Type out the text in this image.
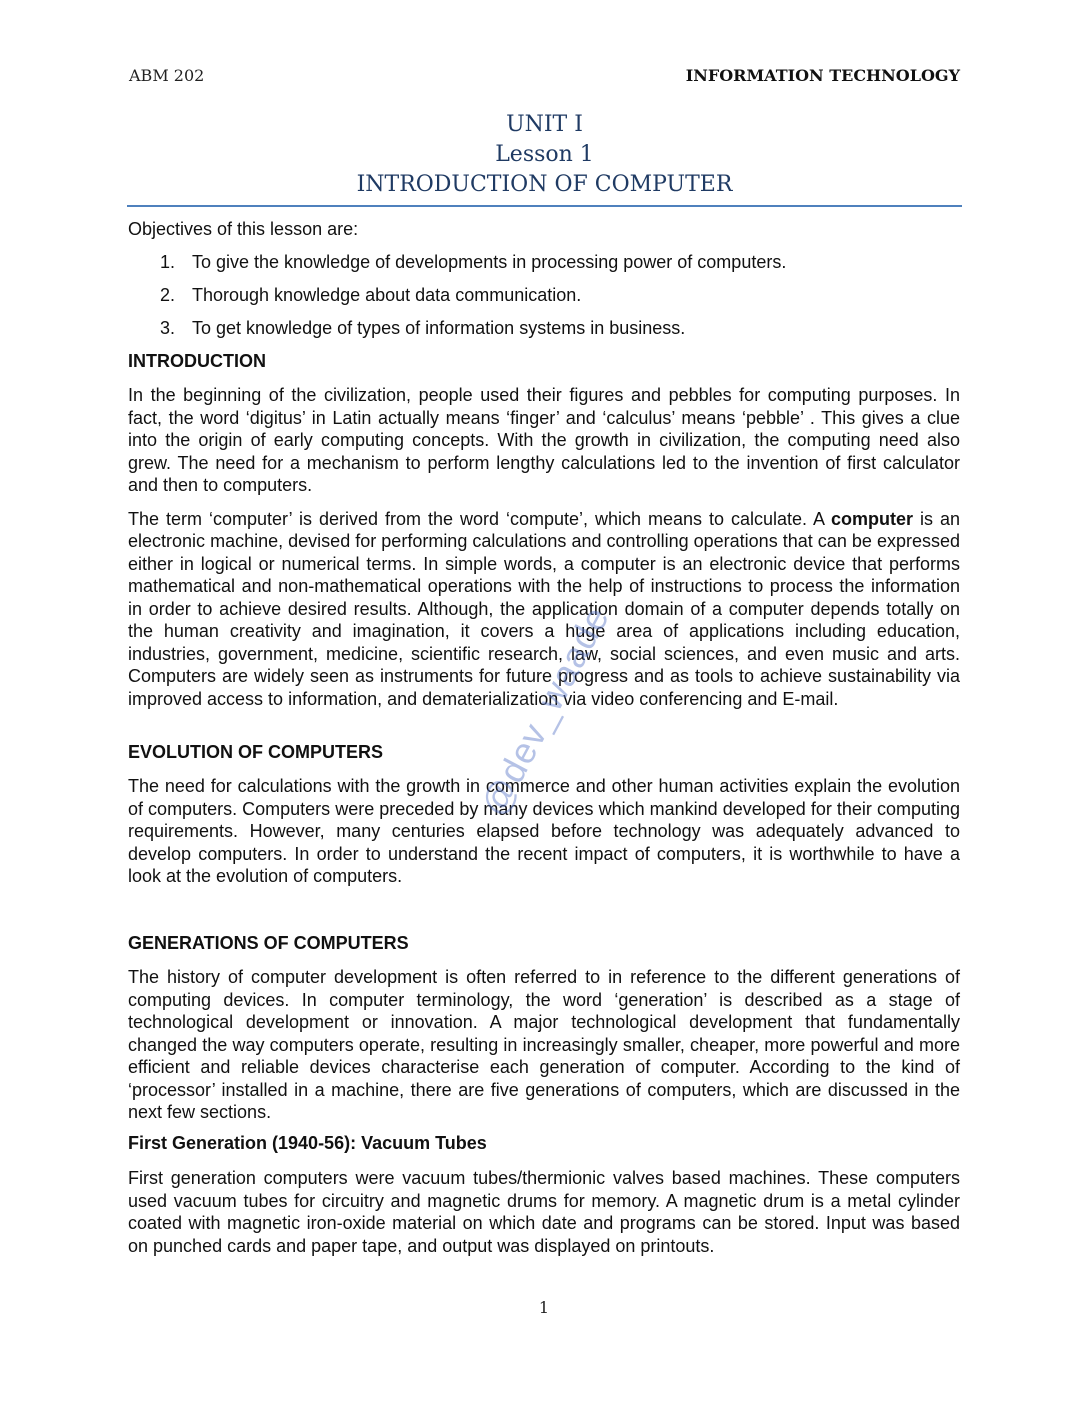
ABM 202	INFORMATION TECHNOLOGY
UNIT I
Lesson 1
INTRODUCTION OF COMPUTER

Objectives of this lesson are:

1. To give the knowledge of developments in processing power of computers.
2. Thorough knowledge about data communication.
3. To get knowledge of types of information systems in business.

INTRODUCTION

In the beginning of the civilization, people used their figures and pebbles for computing purposes. In fact, the word ‘digitus’ in Latin actually means ‘finger’ and ‘calculus’ means ‘pebble’ . This gives a clue into the origin of early computing concepts. With the growth in civilization, the computing need also grew. The need for a mechanism to perform lengthy calculations led to the invention of first calculator and then to computers.

The term ‘computer’ is derived from the word ‘compute’, which means to calculate. A computer is an electronic machine, devised for performing calculations and controlling operations that can be expressed either in logical or numerical terms. In simple words, a computer is an electronic device that performs mathematical and non-mathematical operations with the help of instructions to process the information in order to achieve desired results. Although, the application domain of a computer depends totally on the human creativity and imagination, it covers a huge area of applications including education, industries, government, medicine, scientific research, law, social sciences, and even music and arts. Computers are widely seen as instruments for future progress and as tools to achieve sustainability via improved access to information, and dematerialization via video conferencing and E-mail.

EVOLUTION OF COMPUTERS

The need for calculations with the growth in commerce and other human activities explain the evolution of computers. Computers were preceded by many devices which mankind developed for their computing requirements. However, many centuries elapsed before technology was adequately advanced to develop computers. In order to understand the recent impact of computers, it is worthwhile to have a look at the evolution of computers.

GENERATIONS OF COMPUTERS

The history of computer development is often referred to in reference to the different generations of computing devices. In computer terminology, the word ‘generation’ is described as a stage of technological development or innovation. A major technological development that fundamentally changed the way computers operate, resulting in increasingly smaller, cheaper, more powerful and more efficient and reliable devices characterise each generation of computer. According to the kind of ‘processor’ installed in a machine, there are five generations of computers, which are discussed in the next few sections.

First Generation (1940-56): Vacuum Tubes

First generation computers were vacuum tubes/thermionic valves based machines. These computers used vacuum tubes for circuitry and magnetic drums for memory. A magnetic drum is a metal cylinder coated with magnetic iron-oxide material on which date and programs can be stored. Input was based on punched cards and paper tape, and output was displayed on printouts.

@dev_waade
1
